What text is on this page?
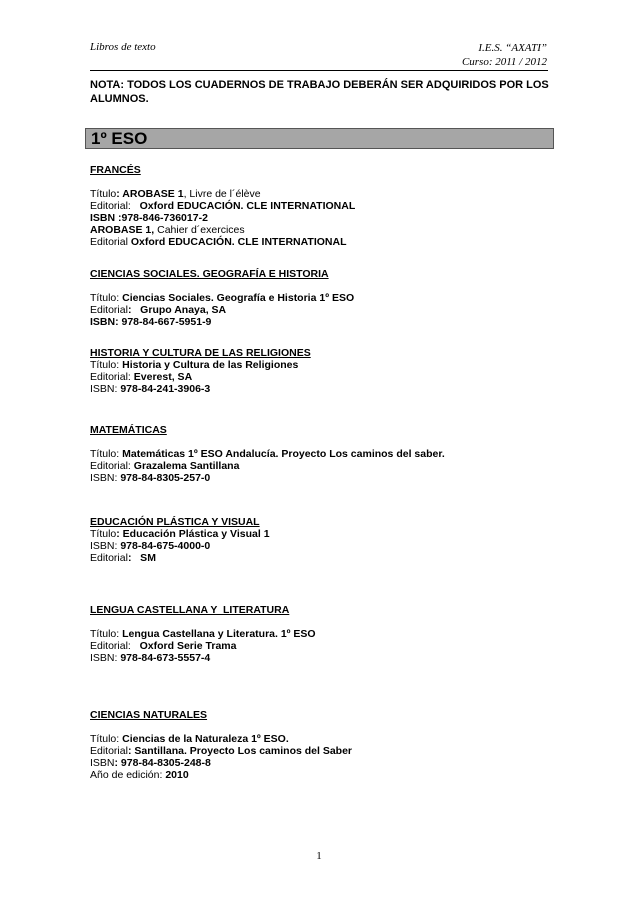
Libros de texto	I.E.S. “AXATI”
Curso: 2011 / 2012
NOTA: TODOS LOS CUADERNOS DE TRABAJO DEBERÁN SER ADQUIRIDOS POR LOS ALUMNOS.
1º ESO
FRANCÉS
Título: AROBASE 1, Livre de l´élève
Editorial:   Oxford EDUCACIÓN. CLE INTERNATIONAL
ISBN :978-846-736017-2
AROBASE 1, Cahier d´exercices
Editorial Oxford EDUCACIÓN. CLE INTERNATIONAL
CIENCIAS SOCIALES. GEOGRAFÍA E HISTORIA
Título: Ciencias Sociales. Geografía e Historia 1º ESO
Editorial:   Grupo Anaya, SA
ISBN: 978-84-667-5951-9
HISTORIA Y CULTURA DE LAS RELIGIONES
Título: Historia y Cultura de las Religiones
Editorial: Everest, SA
ISBN: 978-84-241-3906-3
MATEMÁTICAS
Título: Matemáticas 1º ESO Andalucía. Proyecto Los caminos del saber.
Editorial: Grazalema Santillana
ISBN: 978-84-8305-257-0
EDUCACIÓN PLÁSTICA Y VISUAL
Título: Educación Plástica y Visual 1
ISBN: 978-84-675-4000-0
Editorial:   SM
LENGUA CASTELLANA Y  LITERATURA
Título: Lengua Castellana y Literatura. 1º ESO
Editorial:   Oxford Serie Trama
ISBN: 978-84-673-5557-4
CIENCIAS NATURALES
Título: Ciencias de la Naturaleza 1º ESO.
Editorial: Santillana. Proyecto Los caminos del Saber
ISBN: 978-84-8305-248-8
Año de edición: 2010
1
